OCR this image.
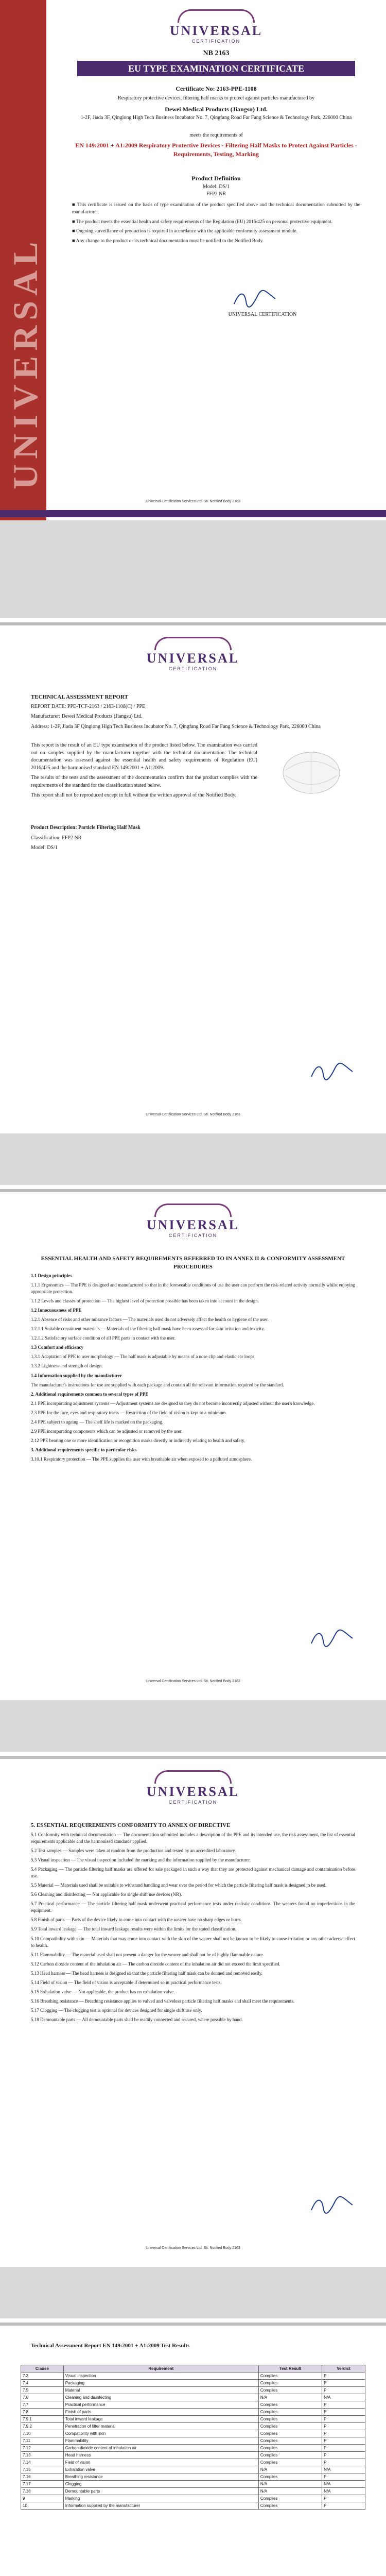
UNIVERSAL
UNIVERSAL
CERTIFICATION
NB 2163
EU TYPE EXAMINATION CERTIFICATE
Certificate No: 2163-PPE-1108
Respiratory protective devices, filtering half masks to protect against particles manufactured by
Dewei Medical Products (Jiangsu) Ltd.
1-2F, Jiada 3F, Qinglong High Tech Business Incubator No. 7, Qingfang Road Far Fang Science & Technology Park, 226000 China
meets the requirements of
EN 149:2001 + A1:2009 Respiratory Protective Devices - Filtering Half Masks to Protect Against Particles - Requirements, Testing, Marking
Product Definition
Model: DS/1
FFP2 NR

■ This certificate is issued on the basis of type examination of the product specified above and the technical documentation submitted by the manufacturer.

■ The product meets the essential health and safety requirements of the Regulation (EU) 2016/425 on personal protective equipment.

■ Ongoing surveillance of production is required in accordance with the applicable conformity assessment module.

■ Any change to the product or its technical documentation must be notified to the Notified Body.

UNIVERSAL CERTIFICATION
Universal Certification Services Ltd. Sti. Notified Body 2163
UNIVERSAL
CERTIFICATION
TECHNICAL ASSESSMENT REPORT

REPORT DATE: PPE-TCF-2163 / 2163-1108(C) / PPE

Manufacturer: Dewei Medical Products (Jiangsu) Ltd.

Address: 1-2F, Jiada 3F Qinglong High Tech Business Incubator No. 7, Qingfang Road Far Fang Science & Technology Park, 226000 China

This report is the result of an EU type examination of the product listed below. The examination was carried out on samples supplied by the manufacturer together with the technical documentation. The technical documentation was assessed against the essential health and safety requirements of Regulation (EU) 2016/425 and the harmonised standard EN 149:2001 + A1:2009.

The results of the tests and the assessment of the documentation confirm that the product complies with the requirements of the standard for the classification stated below.

This report shall not be reproduced except in full without the written approval of the Notified Body.

Product Description: Particle Filtering Half Mask

Classification: FFP2 NR

Model: DS/1

Universal Certification Services Ltd. Sti. Notified Body 2163
UNIVERSAL
CERTIFICATION
ESSENTIAL HEALTH AND SAFETY REQUIREMENTS REFERRED TO IN ANNEX II & CONFORMITY ASSESSMENT PROCEDURES

1.1 Design principles

1.1.1 Ergonomics — The PPE is designed and manufactured so that in the foreseeable conditions of use the user can perform the risk-related activity normally whilst enjoying appropriate protection.

1.1.2 Levels and classes of protection — The highest level of protection possible has been taken into account in the design.

1.2 Innocuousness of PPE

1.2.1 Absence of risks and other nuisance factors — The materials used do not adversely affect the health or hygiene of the user.

1.2.1.1 Suitable constituent materials — Materials of the filtering half mask have been assessed for skin irritation and toxicity.

1.2.1.2 Satisfactory surface condition of all PPE parts in contact with the user.

1.3 Comfort and efficiency

1.3.1 Adaptation of PPE to user morphology — The half mask is adjustable by means of a nose clip and elastic ear loops.

1.3.2 Lightness and strength of design.

1.4 Information supplied by the manufacturer

The manufacturer's instructions for use are supplied with each package and contain all the relevant information required by the standard.

2. Additional requirements common to several types of PPE

2.1 PPE incorporating adjustment systems — Adjustment systems are designed so they do not become incorrectly adjusted without the user's knowledge.

2.3 PPE for the face, eyes and respiratory tracts — Restriction of the field of vision is kept to a minimum.

2.4 PPE subject to ageing — The shelf life is marked on the packaging.

2.9 PPE incorporating components which can be adjusted or removed by the user.

2.12 PPE bearing one or more identification or recognition marks directly or indirectly relating to health and safety.

3. Additional requirements specific to particular risks

3.10.1 Respiratory protection — The PPE supplies the user with breathable air when exposed to a polluted atmosphere.

Universal Certification Services Ltd. Sti. Notified Body 2163
UNIVERSAL
CERTIFICATION
5. ESSENTIAL REQUIREMENTS CONFORMITY TO ANNEX OF DIRECTIVE

5.1 Conformity with technical documentation — The documentation submitted includes a description of the PPE and its intended use, the risk assessment, the list of essential requirements applicable and the harmonised standards applied.

5.2 Test samples — Samples were taken at random from the production and tested by an accredited laboratory.

5.3 Visual inspection — The visual inspection included the marking and the information supplied by the manufacturer.

5.4 Packaging — The particle filtering half masks are offered for sale packaged in such a way that they are protected against mechanical damage and contamination before use.

5.5 Material — Materials used shall be suitable to withstand handling and wear over the period for which the particle filtering half mask is designed to be used.

5.6 Cleaning and disinfecting — Not applicable for single shift use devices (NR).

5.7 Practical performance — The particle filtering half mask underwent practical performance tests under realistic conditions. The wearers found no imperfections in the equipment.

5.8 Finish of parts — Parts of the device likely to come into contact with the wearer have no sharp edges or burrs.

5.9 Total inward leakage — The total inward leakage results were within the limits for the stated classification.

5.10 Compatibility with skin — Materials that may come into contact with the skin of the wearer shall not be known to be likely to cause irritation or any other adverse effect to health.

5.11 Flammability — The material used shall not present a danger for the wearer and shall not be of highly flammable nature.

5.12 Carbon dioxide content of the inhalation air — The carbon dioxide content of the inhalation air did not exceed the limit specified.

5.13 Head harness — The head harness is designed so that the particle filtering half mask can be donned and removed easily.

5.14 Field of vision — The field of vision is acceptable if determined so in practical performance tests.

5.15 Exhalation valve — Not applicable, the product has no exhalation valve.

5.16 Breathing resistance — Breathing resistance applies to valved and valveless particle filtering half masks and shall meet the requirements.

5.17 Clogging — The clogging test is optional for devices designed for single shift use only.

5.18 Demountable parts — All demountable parts shall be readily connected and secured, where possible by hand.

Universal Certification Services Ltd. Sti. Notified Body 2163
Technical Assessment Report EN 149:2001 + A1:2009 Test Results
Clause	Requirement	Test Result	Verdict
7.3	Visual inspection	Complies	P
7.4	Packaging	Complies	P
7.5	Material	Complies	P
7.6	Cleaning and disinfecting	N/A	N/A
7.7	Practical performance	Complies	P
7.8	Finish of parts	Complies	P
7.9.1	Total inward leakage	Complies	P
7.9.2	Penetration of filter material	Complies	P
7.10	Compatibility with skin	Complies	P
7.11	Flammability	Complies	P
7.12	Carbon dioxide content of inhalation air	Complies	P
7.13	Head harness	Complies	P
7.14	Field of vision	Complies	P
7.15	Exhalation valve	N/A	N/A
7.16	Breathing resistance	Complies	P
7.17	Clogging	N/A	N/A
7.18	Demountable parts	N/A	N/A
9	Marking	Complies	P
10	Information supplied by the manufacturer	Complies	P
